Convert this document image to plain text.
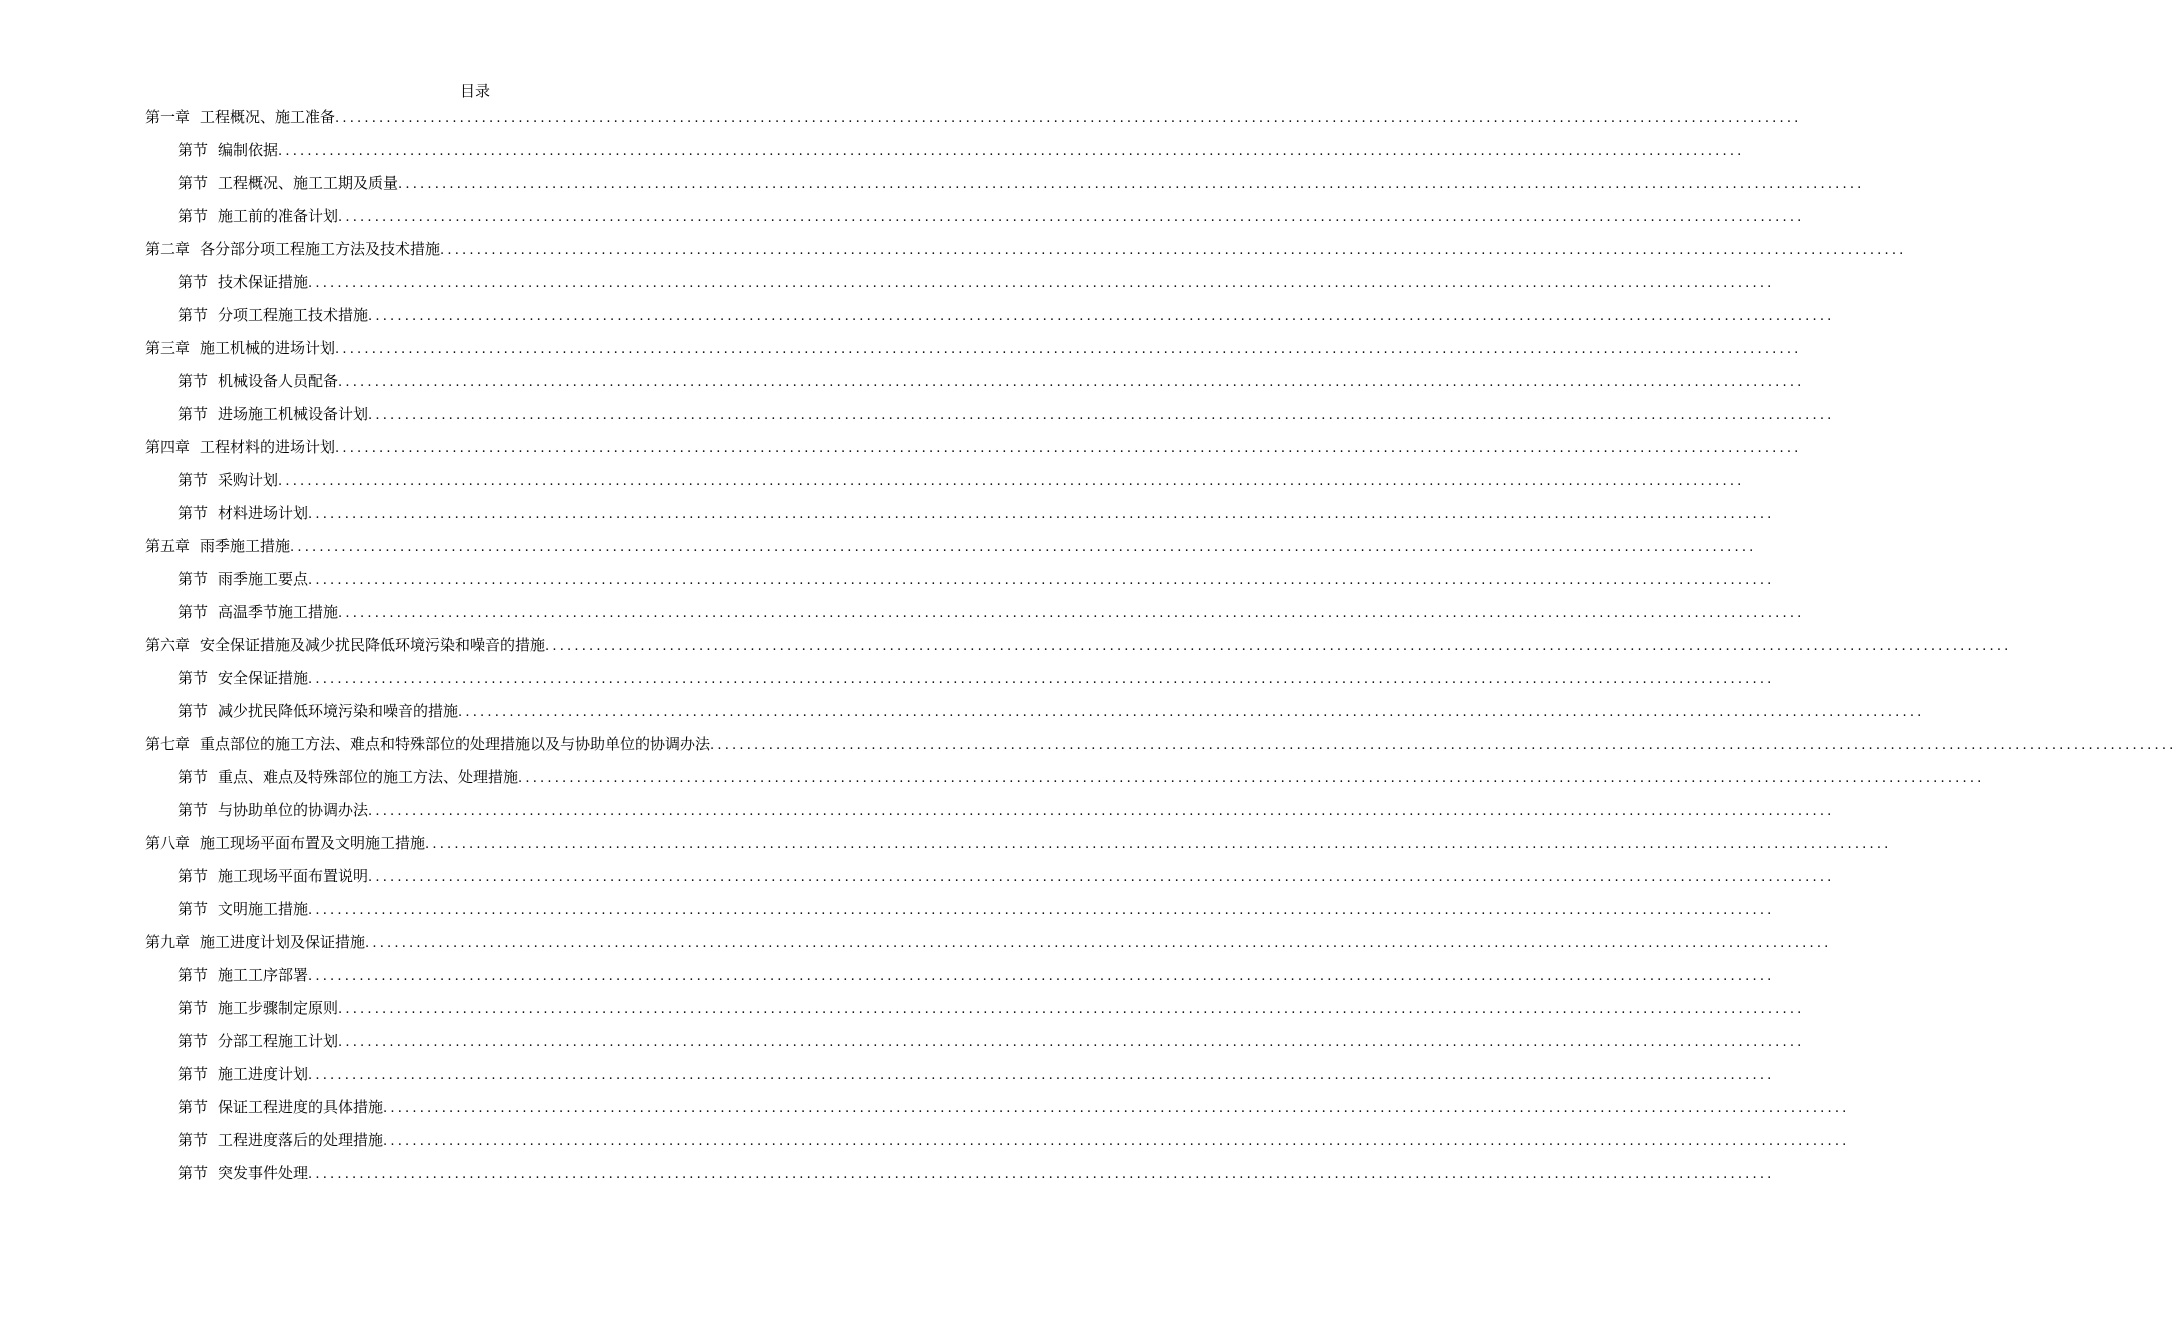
目录
第一章 工程概况、施工准备 ........................................................................................................................................................................................................
第节 编制依据 ........................................................................................................................................................................................................
第节 工程概况、施工工期及质量 ........................................................................................................................................................................................................
第节 施工前的准备计划 ........................................................................................................................................................................................................
第二章 各分部分项工程施工方法及技术措施 ........................................................................................................................................................................................................
第节 技术保证措施 ........................................................................................................................................................................................................
第节 分项工程施工技术措施 ........................................................................................................................................................................................................
第三章 施工机械的进场计划 ........................................................................................................................................................................................................
第节 机械设备人员配备 ........................................................................................................................................................................................................
第节 进场施工机械设备计划 ........................................................................................................................................................................................................
第四章 工程材料的进场计划 ........................................................................................................................................................................................................
第节 采购计划 ........................................................................................................................................................................................................
第节 材料进场计划 ........................................................................................................................................................................................................
第五章 雨季施工措施 ........................................................................................................................................................................................................
第节 雨季施工要点 ........................................................................................................................................................................................................
第节 高温季节施工措施 ........................................................................................................................................................................................................
第六章 安全保证措施及减少扰民降低环境污染和噪音的措施 ........................................................................................................................................................................................................
第节 安全保证措施 ........................................................................................................................................................................................................
第节 减少扰民降低环境污染和噪音的措施 ........................................................................................................................................................................................................
第七章 重点部位的施工方法、难点和特殊部位的处理措施以及与协助单位的协调办法 ........................................................................................................................................................................................................
第节 重点、难点及特殊部位的施工方法、处理措施 ........................................................................................................................................................................................................
第节 与协助单位的协调办法 ........................................................................................................................................................................................................
第八章 施工现场平面布置及文明施工措施 ........................................................................................................................................................................................................
第节 施工现场平面布置说明 ........................................................................................................................................................................................................
第节 文明施工措施 ........................................................................................................................................................................................................
第九章 施工进度计划及保证措施 ........................................................................................................................................................................................................
第节 施工工序部署 ........................................................................................................................................................................................................
第节 施工步骤制定原则 ........................................................................................................................................................................................................
第节 分部工程施工计划 ........................................................................................................................................................................................................
第节 施工进度计划 ........................................................................................................................................................................................................
第节 保证工程进度的具体措施 ........................................................................................................................................................................................................
第节 工程进度落后的处理措施 ........................................................................................................................................................................................................
第节 突发事件处理 ........................................................................................................................................................................................................
